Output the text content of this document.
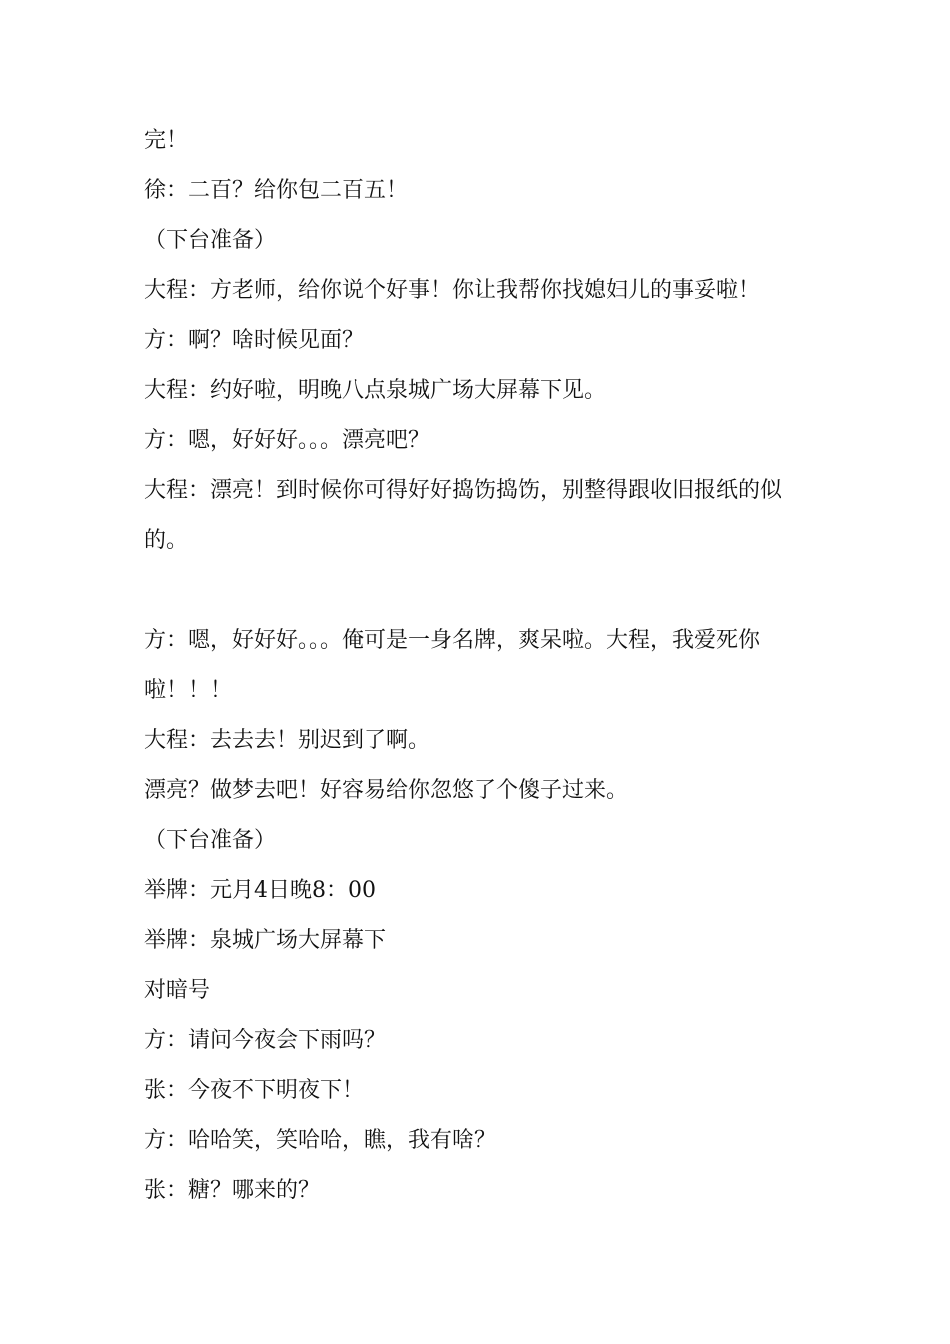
完！
徐：二百？给你包二百五！
（下台准备）
大程：方老师，给你说个好事！你让我帮你找媳妇儿的事妥啦！
方：啊？啥时候见面？
大程：约好啦，明晚八点泉城广场大屏幕下见。
方：嗯，好好好。。。漂亮吧？
大程：漂亮！到时候你可得好好捣饬捣饬，别整得跟收旧报纸的似
的。
方：嗯，好好好。。。俺可是一身名牌，爽呆啦。大程，我爱死你
啦！！！
大程：去去去！别迟到了啊。
漂亮？做梦去吧！好容易给你忽悠了个傻子过来。
（下台准备）
举牌：元月4日晚8：00
举牌：泉城广场大屏幕下
对暗号
方：请问今夜会下雨吗？
张：今夜不下明夜下！
方：哈哈笑，笑哈哈，瞧，我有啥？
张：糖？哪来的？
